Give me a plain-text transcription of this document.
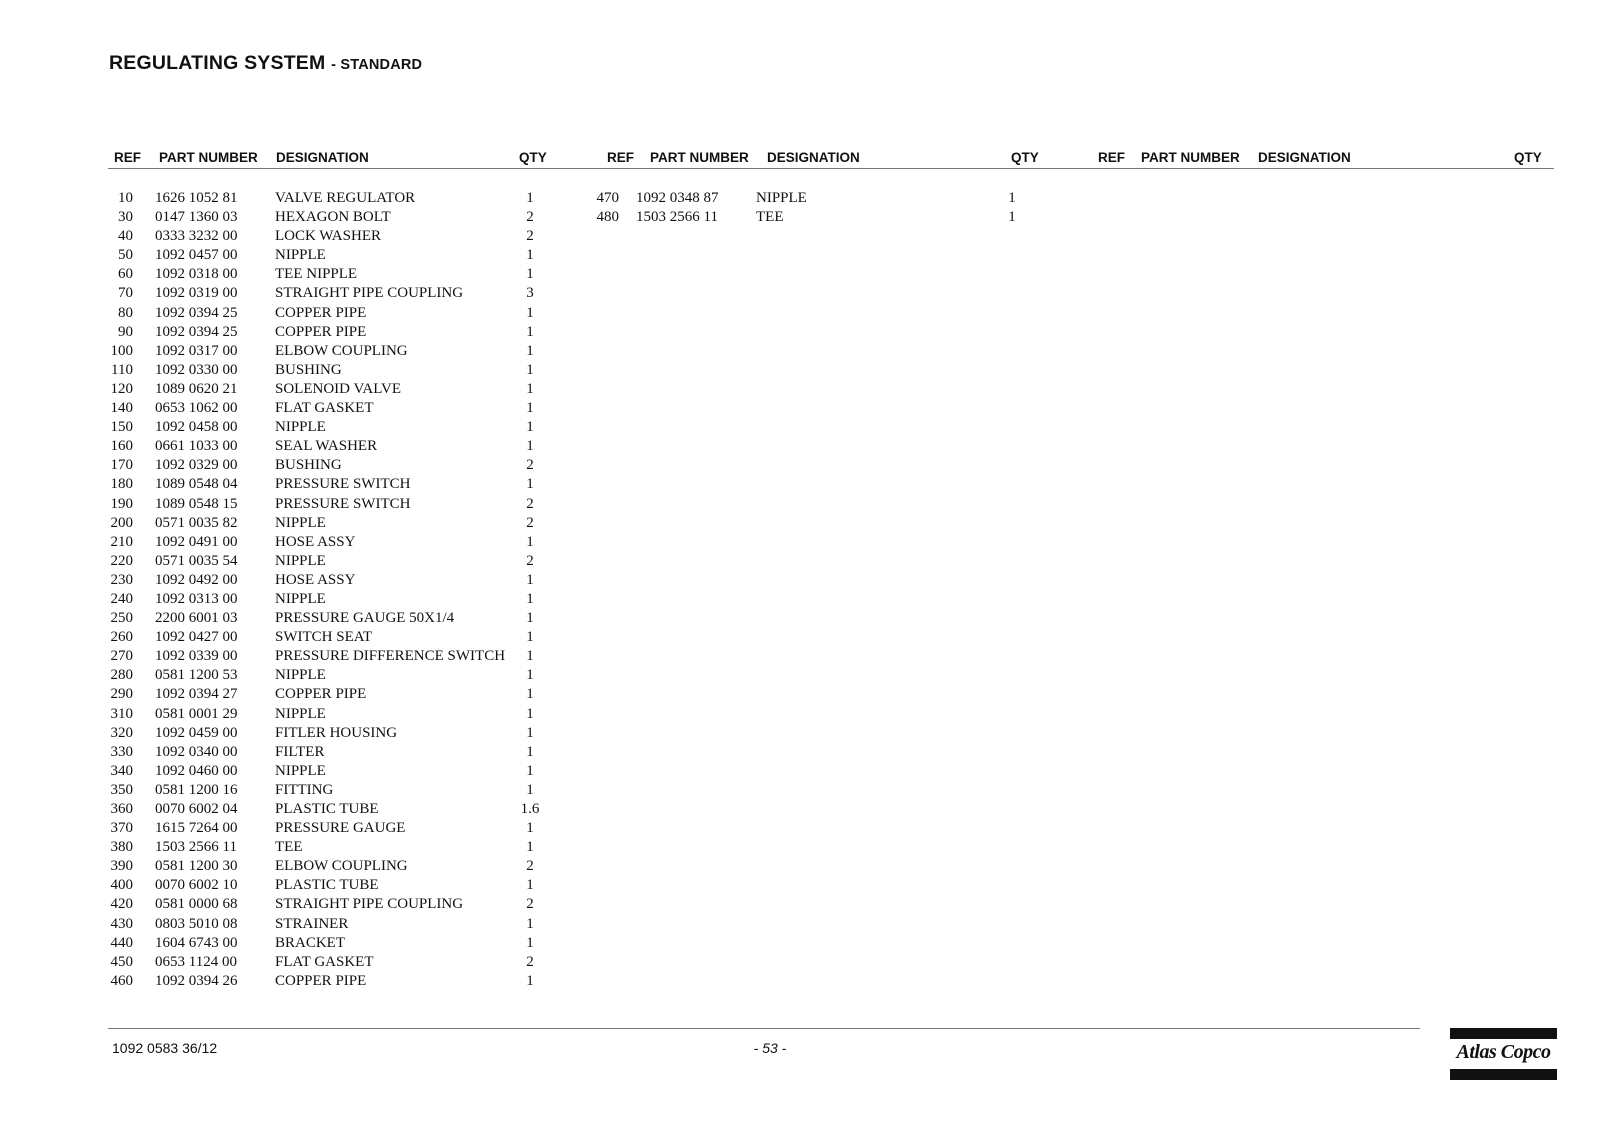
REGULATING SYSTEM - STANDARD
REF PART NUMBER DESIGNATION	QTY
10 1626 1052 81	VALVE REGULATOR	1
30 0147 1360 03	HEXAGON BOLT	2
40 0333 3232 00	LOCK WASHER	2
50 1092 0457 00	NIPPLE	1
60 1092 0318 00	TEE NIPPLE	1
70 1092 0319 00	STRAIGHT PIPE COUPLING	3
80 1092 0394 25	COPPER PIPE	1
90 1092 0394 25	COPPER PIPE	1
100 1092 0317 00	ELBOW COUPLING	1
110 1092 0330 00	BUSHING	1
120 1089 0620 21	SOLENOID VALVE	1
140 0653 1062 00	FLAT GASKET	1
150 1092 0458 00	NIPPLE	1
160 0661 1033 00	SEAL WASHER	1
170 1092 0329 00	BUSHING	2
180 1089 0548 04	PRESSURE SWITCH	1
190 1089 0548 15	PRESSURE SWITCH	2
200 0571 0035 82	NIPPLE	2
210 1092 0491 00	HOSE ASSY	1
220 0571 0035 54	NIPPLE	2
230 1092 0492 00	HOSE ASSY	1
240 1092 0313 00	NIPPLE	1
250 2200 6001 03	PRESSURE GAUGE 50X1/4	1
260 1092 0427 00	SWITCH SEAT	1
270 1092 0339 00	PRESSURE DIFFERENCE SWITCH	1
280 0581 1200 53	NIPPLE	1
290 1092 0394 27	COPPER PIPE	1
310 0581 0001 29	NIPPLE	1
320 1092 0459 00	FITLER HOUSING	1
330 1092 0340 00	FILTER	1
340 1092 0460 00	NIPPLE	1
350 0581 1200 16	FITTING	1
360 0070 6002 04	PLASTIC TUBE	1.6
370 1615 7264 00	PRESSURE GAUGE	1
380 1503 2566 11	TEE	1
390 0581 1200 30	ELBOW COUPLING	2
400 0070 6002 10	PLASTIC TUBE	1
420 0581 0000 68	STRAIGHT PIPE COUPLING	2
430 0803 5010 08	STRAINER	1
440 1604 6743 00	BRACKET	1
450 0653 1124 00	FLAT GASKET	2
460 1092 0394 26	COPPER PIPE	1
REF PART NUMBER DESIGNATION	QTY
470 1092 0348 87	NIPPLE	1
480 1503 2566 11	TEE	1
REF PART NUMBER DESIGNATION	QTY
1092 0583 36/12	- 53 -	Atlas Copco
